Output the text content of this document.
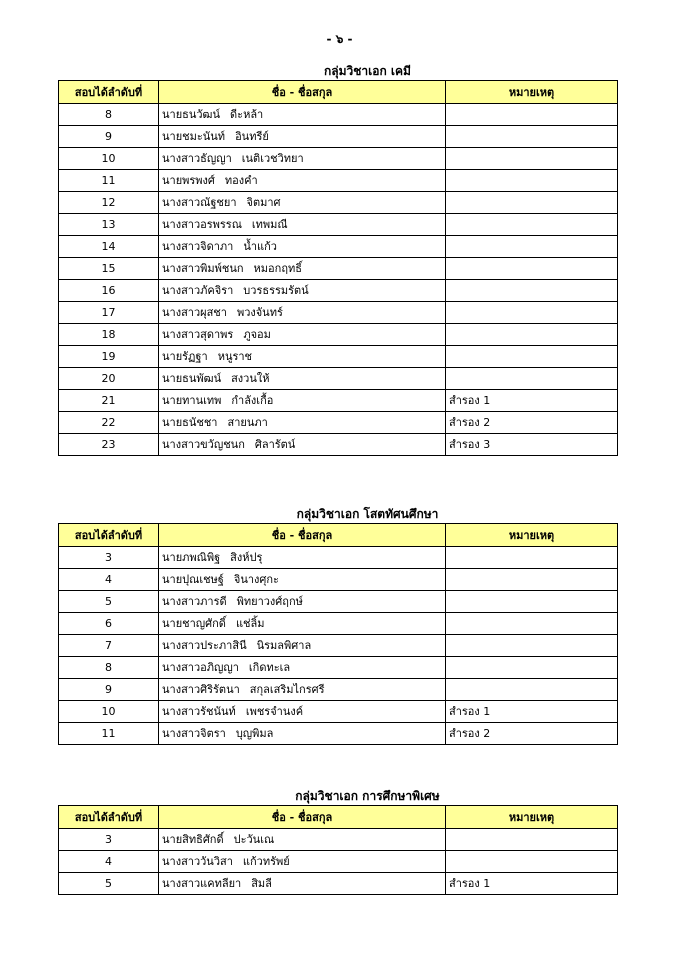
- ๖ -
กลุ่มวิชาเอก เคมี
สอบได้ลำดับที่	ชื่อ - ชื่อสกุล	หมายเหตุ
8	นายธนวัฒน์ ดีะหล้า	
9	นายชมะนันท์ อินทรีย์	
10	นางสาวธัญญา เนติเวชวิทยา	
11	นายพรพงศ์ ทองคำ	
12	นางสาวณัฐชยา จิตมาศ	
13	นางสาวอรพรรณ เทพมณี	
14	นางสาวจิดาภา น้ำแก้ว	
15	นางสาวพิมพ์ชนก หมอกฤทธิ์	
16	นางสาวภัคจิรา บวรธรรมรัตน์	
17	นางสาวผุสชา พวงจันทร์	
18	นางสาวสุดาพร ภูจอม	
19	นายรัฏฐา หนูราช	
20	นายธนพัฒน์ สงวนให้	
21	นายทานเทพ กำลังเกื้อ	สำรอง 1
22	นายธนัชชา สายนภา	สำรอง 2
23	นางสาวขวัญชนก ศิลารัตน์	สำรอง 3
กลุ่มวิชาเอก โสตทัศนศึกษา
สอบได้ลำดับที่	ชื่อ - ชื่อสกุล	หมายเหตุ
3	นายภพณิพิฐ สิงห์ปรุ	
4	นายปุณเชษฐ์ จินางศุกะ	
5	นางสาวภารดี พิทยาวงศ์ฤกษ์	
6	นายชาญศักดิ์ แช่ลิ้ม	
7	นางสาวประภาสินี นิรมลพิศาล	
8	นางสาวอภิญญา เกิดทะเล	
9	นางสาวศิริรัตนา สกุลเสริมไกรศรี	
10	นางสาวรัชนันท์ เพชรจำนงค์	สำรอง 1
11	นางสาวจิตรา บุญพิมล	สำรอง 2
กลุ่มวิชาเอก การศึกษาพิเศษ
สอบได้ลำดับที่	ชื่อ - ชื่อสกุล	หมายเหตุ
3	นายสิทธิศักดิ์ ปะวันเณ	
4	นางสาววันวิสา แก้วทรัพย์	
5	นางสาวแคทลียา สิมลี	สำรอง 1
